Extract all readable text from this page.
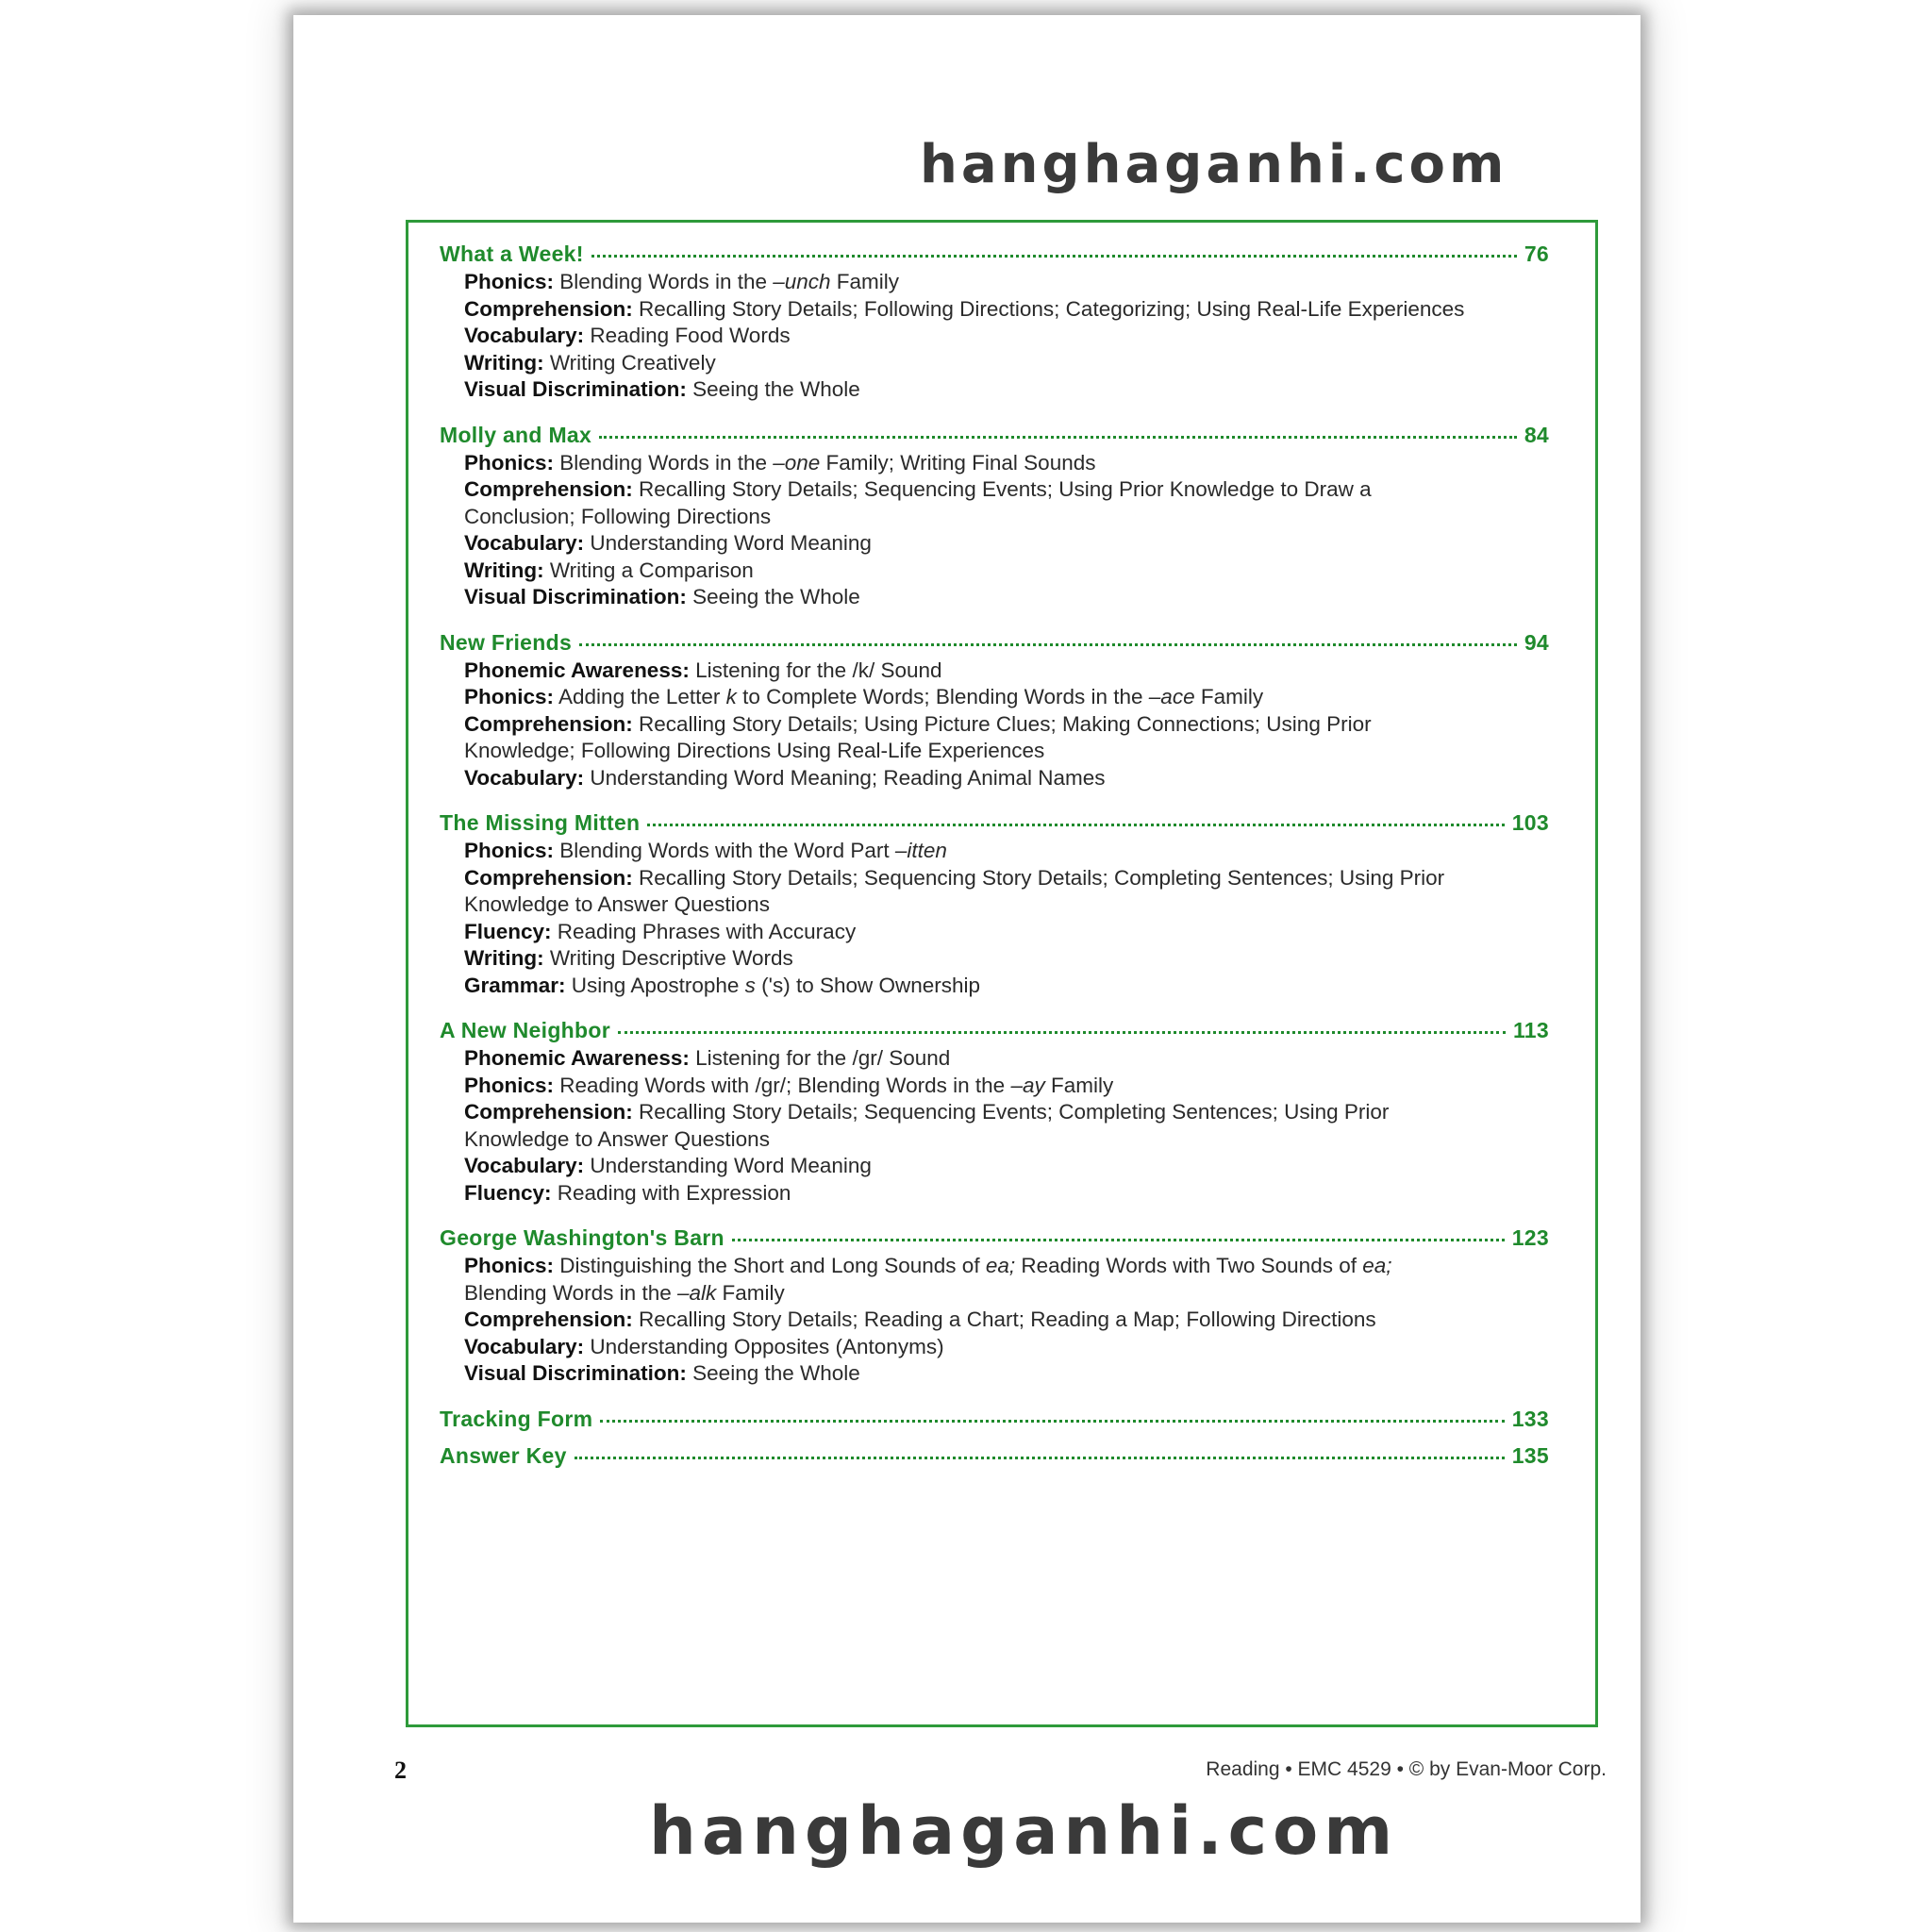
hanghaganhi.com
What a Week!	76
Phonics: Blending Words in the –unch Family
Comprehension: Recalling Story Details; Following Directions; Categorizing; Using Real-Life Experiences
Vocabulary: Reading Food Words
Writing: Writing Creatively
Visual Discrimination: Seeing the Whole
Molly and Max	84
Phonics: Blending Words in the –one Family; Writing Final Sounds
Comprehension: Recalling Story Details; Sequencing Events; Using Prior Knowledge to Draw a Conclusion; Following Directions
Vocabulary: Understanding Word Meaning
Writing: Writing a Comparison
Visual Discrimination: Seeing the Whole
New Friends	94
Phonemic Awareness: Listening for the /k/ Sound
Phonics: Adding the Letter k to Complete Words; Blending Words in the –ace Family
Comprehension: Recalling Story Details; Using Picture Clues; Making Connections; Using Prior Knowledge; Following Directions Using Real-Life Experiences
Vocabulary: Understanding Word Meaning; Reading Animal Names
The Missing Mitten	103
Phonics: Blending Words with the Word Part –itten
Comprehension: Recalling Story Details; Sequencing Story Details; Completing Sentences; Using Prior Knowledge to Answer Questions
Fluency: Reading Phrases with Accuracy
Writing: Writing Descriptive Words
Grammar: Using Apostrophe s ('s) to Show Ownership
A New Neighbor	113
Phonemic Awareness: Listening for the /gr/ Sound
Phonics: Reading Words with /gr/; Blending Words in the –ay Family
Comprehension: Recalling Story Details; Sequencing Events; Completing Sentences; Using Prior Knowledge to Answer Questions
Vocabulary: Understanding Word Meaning
Fluency: Reading with Expression
George Washington's Barn	123
Phonics: Distinguishing the Short and Long Sounds of ea; Reading Words with Two Sounds of ea; Blending Words in the –alk Family
Comprehension: Recalling Story Details; Reading a Chart; Reading a Map; Following Directions
Vocabulary: Understanding Opposites (Antonyms)
Visual Discrimination: Seeing the Whole
Tracking Form	133
Answer Key	135
2	Reading • EMC 4529 • © by Evan-Moor Corp.
hanghaganhi.com
